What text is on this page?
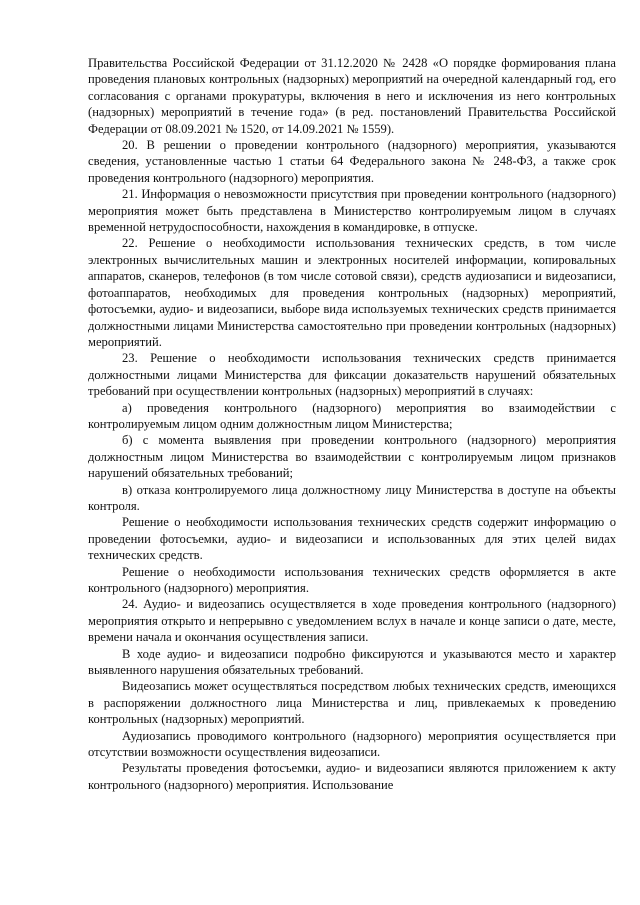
Правительства Российской Федерации от 31.12.2020 № 2428 «О порядке формирования плана проведения плановых контрольных (надзорных) мероприятий на очередной календарный год, его согласования с органами прокуратуры, включения в него и исключения из него контрольных (надзорных) мероприятий в течение года» (в ред. постановлений Правительства Российской Федерации от 08.09.2021 № 1520, от 14.09.2021 № 1559).

20. В решении о проведении контрольного (надзорного) мероприятия, указываются сведения, установленные частью 1 статьи 64 Федерального закона № 248-ФЗ, а также срок проведения контрольного (надзорного) мероприятия.

21. Информация о невозможности присутствия при проведении контрольного (надзорного) мероприятия может быть представлена в Министерство контролируемым лицом в случаях временной нетрудоспособности, нахождения в командировке, в отпуске.

22. Решение о необходимости использования технических средств, в том числе электронных вычислительных машин и электронных носителей информации, копировальных аппаратов, сканеров, телефонов (в том числе сотовой связи), средств аудиозаписи и видеозаписи, фотоаппаратов, необходимых для проведения контрольных (надзорных) мероприятий, фотосъемки, аудио- и видеозаписи, выборе вида используемых технических средств принимается должностными лицами Министерства самостоятельно при проведении контрольных (надзорных) мероприятий.

23. Решение о необходимости использования технических средств принимается должностными лицами Министерства для фиксации доказательств нарушений обязательных требований при осуществлении контрольных (надзорных) мероприятий в случаях:

а) проведения контрольного (надзорного) мероприятия во взаимодействии с контролируемым лицом одним должностным лицом Министерства;

б) с момента выявления при проведении контрольного (надзорного) мероприятия должностным лицом Министерства во взаимодействии с контролируемым лицом признаков нарушений обязательных требований;

в) отказа контролируемого лица должностному лицу Министерства в доступе на объекты контроля.

Решение о необходимости использования технических средств содержит информацию о проведении фотосъемки, аудио- и видеозаписи и использованных для этих целей видах технических средств.

Решение о необходимости использования технических средств оформляется в акте контрольного (надзорного) мероприятия.

24. Аудио- и видеозапись осуществляется в ходе проведения контрольного (надзорного) мероприятия открыто и непрерывно с уведомлением вслух в начале и конце записи о дате, месте, времени начала и окончания осуществления записи.

В ходе аудио- и видеозаписи подробно фиксируются и указываются место и характер выявленного нарушения обязательных требований.

Видеозапись может осуществляться посредством любых технических средств, имеющихся в распоряжении должностного лица Министерства и лиц, привлекаемых к проведению контрольных (надзорных) мероприятий.

Аудиозапись проводимого контрольного (надзорного) мероприятия осуществляется при отсутствии возможности осуществления видеозаписи.

Результаты проведения фотосъемки, аудио- и видеозаписи являются приложением к акту контрольного (надзорного) мероприятия. Использование
